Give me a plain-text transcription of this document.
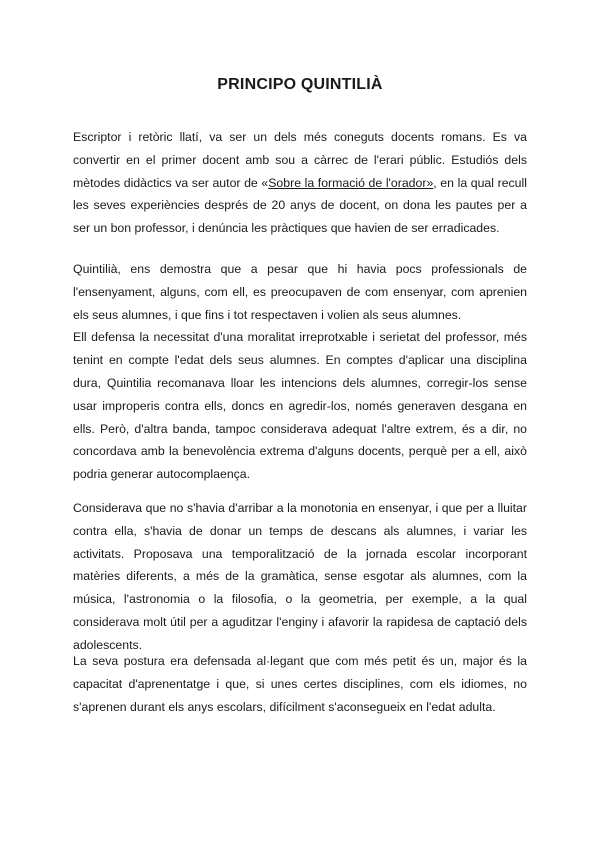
PRINCIPO QUINTILIÀ

Escriptor i retòric llatí, va ser un dels més coneguts docents romans. Es va convertir en el primer docent amb sou a càrrec de l'erari públic. Estudiós dels mètodes didàctics va ser autor de «Sobre la formació de l'orador», en la qual recull les seves experiències després de 20 anys de docent, on dona les pautes per a ser un bon professor, i denúncia les pràctiques que havien de ser erradicades.

Quintilià, ens demostra que a pesar que hi havia pocs professionals de l'ensenyament, alguns, com ell, es preocupaven de com ensenyar, com aprenien els seus alumnes, i que fins i tot respectaven i volien als seus alumnes.

Ell defensa la necessitat d'una moralitat irreprotxable i serietat del professor, més tenint en compte l'edat dels seus alumnes. En comptes d'aplicar una disciplina dura, Quintilia recomanava lloar les intencions dels alumnes, corregir-los sense usar improperis contra ells, doncs en agredir-los, només generaven desgana en ells. Però, d'altra banda, tampoc considerava adequat l'altre extrem, és a dir, no concordava amb la benevolència extrema d'alguns docents, perquè per a ell, això podria generar autocomplaença.

Considerava que no s'havia d'arribar a la monotonia en ensenyar, i que per a lluitar contra ella, s'havia de donar un temps de descans als alumnes, i variar les activitats. Proposava una temporalització de la jornada escolar incorporant matèries diferents, a més de la gramàtica, sense esgotar als alumnes, com la música, l'astronomia o la filosofia, o la geometria, per exemple, a la qual considerava molt útil per a aguditzar l'enginy i afavorir la rapidesa de captació dels adolescents.

La seva postura era defensada al·legant que com més petit és un, major és la capacitat d'aprenentatge i que, si unes certes disciplines, com els idiomes, no s'aprenen durant els anys escolars, difícilment s'aconsegueix en l'edat adulta.
